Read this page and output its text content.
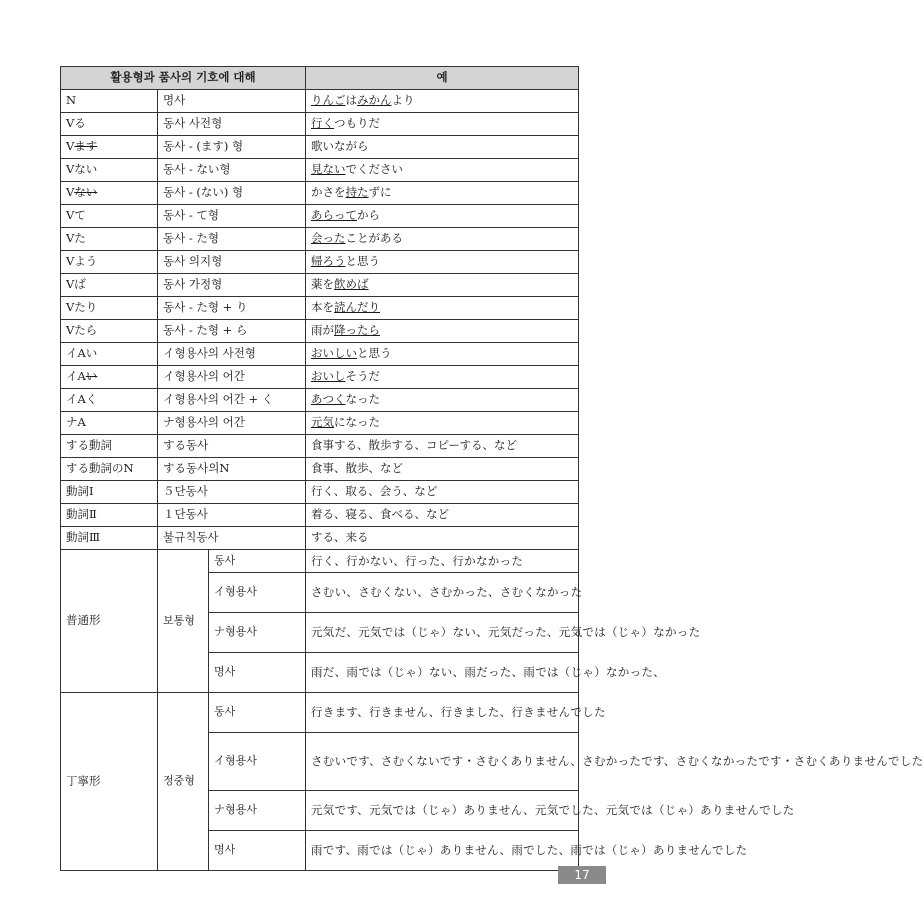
활용형과 품사의 기호에 대해			예
N	명사		りんごはみかんより
Vる	동사 사전형		行くつもりだ
Vます	동사 - (ます) 형		歌いながら
Vない	동사 - ない형		見ないでください
Vない	동사 - (ない) 형		かさを持たずに
Vて	동사 - て형		あらってから
Vた	동사 - た형		会ったことがある
Vよう	동사 의지형		帰ろうと思う
Vば	동사 가정형		薬を飲めば
Vたり	동사 - た형 + り		本を読んだり
Vたら	동사 - た형 + ら		雨が降ったら
イAい	イ형용사의 사전형		おいしいと思う
イAい	イ형용사의 어간		おいしそうだ
イAく	イ형용사의 어간 + く		あつくなった
ナA	ナ형용사의 어간		元気になった
する動詞	する동사		食事する、散歩する、コピーする、など
する動詞のN	する동사의N		食事、散歩、など
動詞Ⅰ	５단동사		行く、取る、会う、など
動詞Ⅱ	１단동사		着る、寝る、食べる、など
動詞Ⅲ	불규칙동사		する、来る
普通形	보통형	동사	行く、行かない、行った、行かなかった
		イ형용사	さむい、さむくない、さむかった、さむくなかった
		ナ형용사	元気だ、元気では（じゃ）ない、元気だった、元気では（じゃ）なかった
		명사	雨だ、雨では（じゃ）ない、雨だった、雨では（じゃ）なかった、
丁寧形	정중형	동사	行きます、行きません、行きました、行きませんでした
		イ형용사	さむいです、さむくないです・さむくありません、さむかったです、さむくなかったです・さむくありませんでした
		ナ형용사	元気です、元気では（じゃ）ありません、元気でした、元気では（じゃ）ありませんでした
		명사	雨です、雨では（じゃ）ありません、雨でした、雨では（じゃ）ありませんでした
17
